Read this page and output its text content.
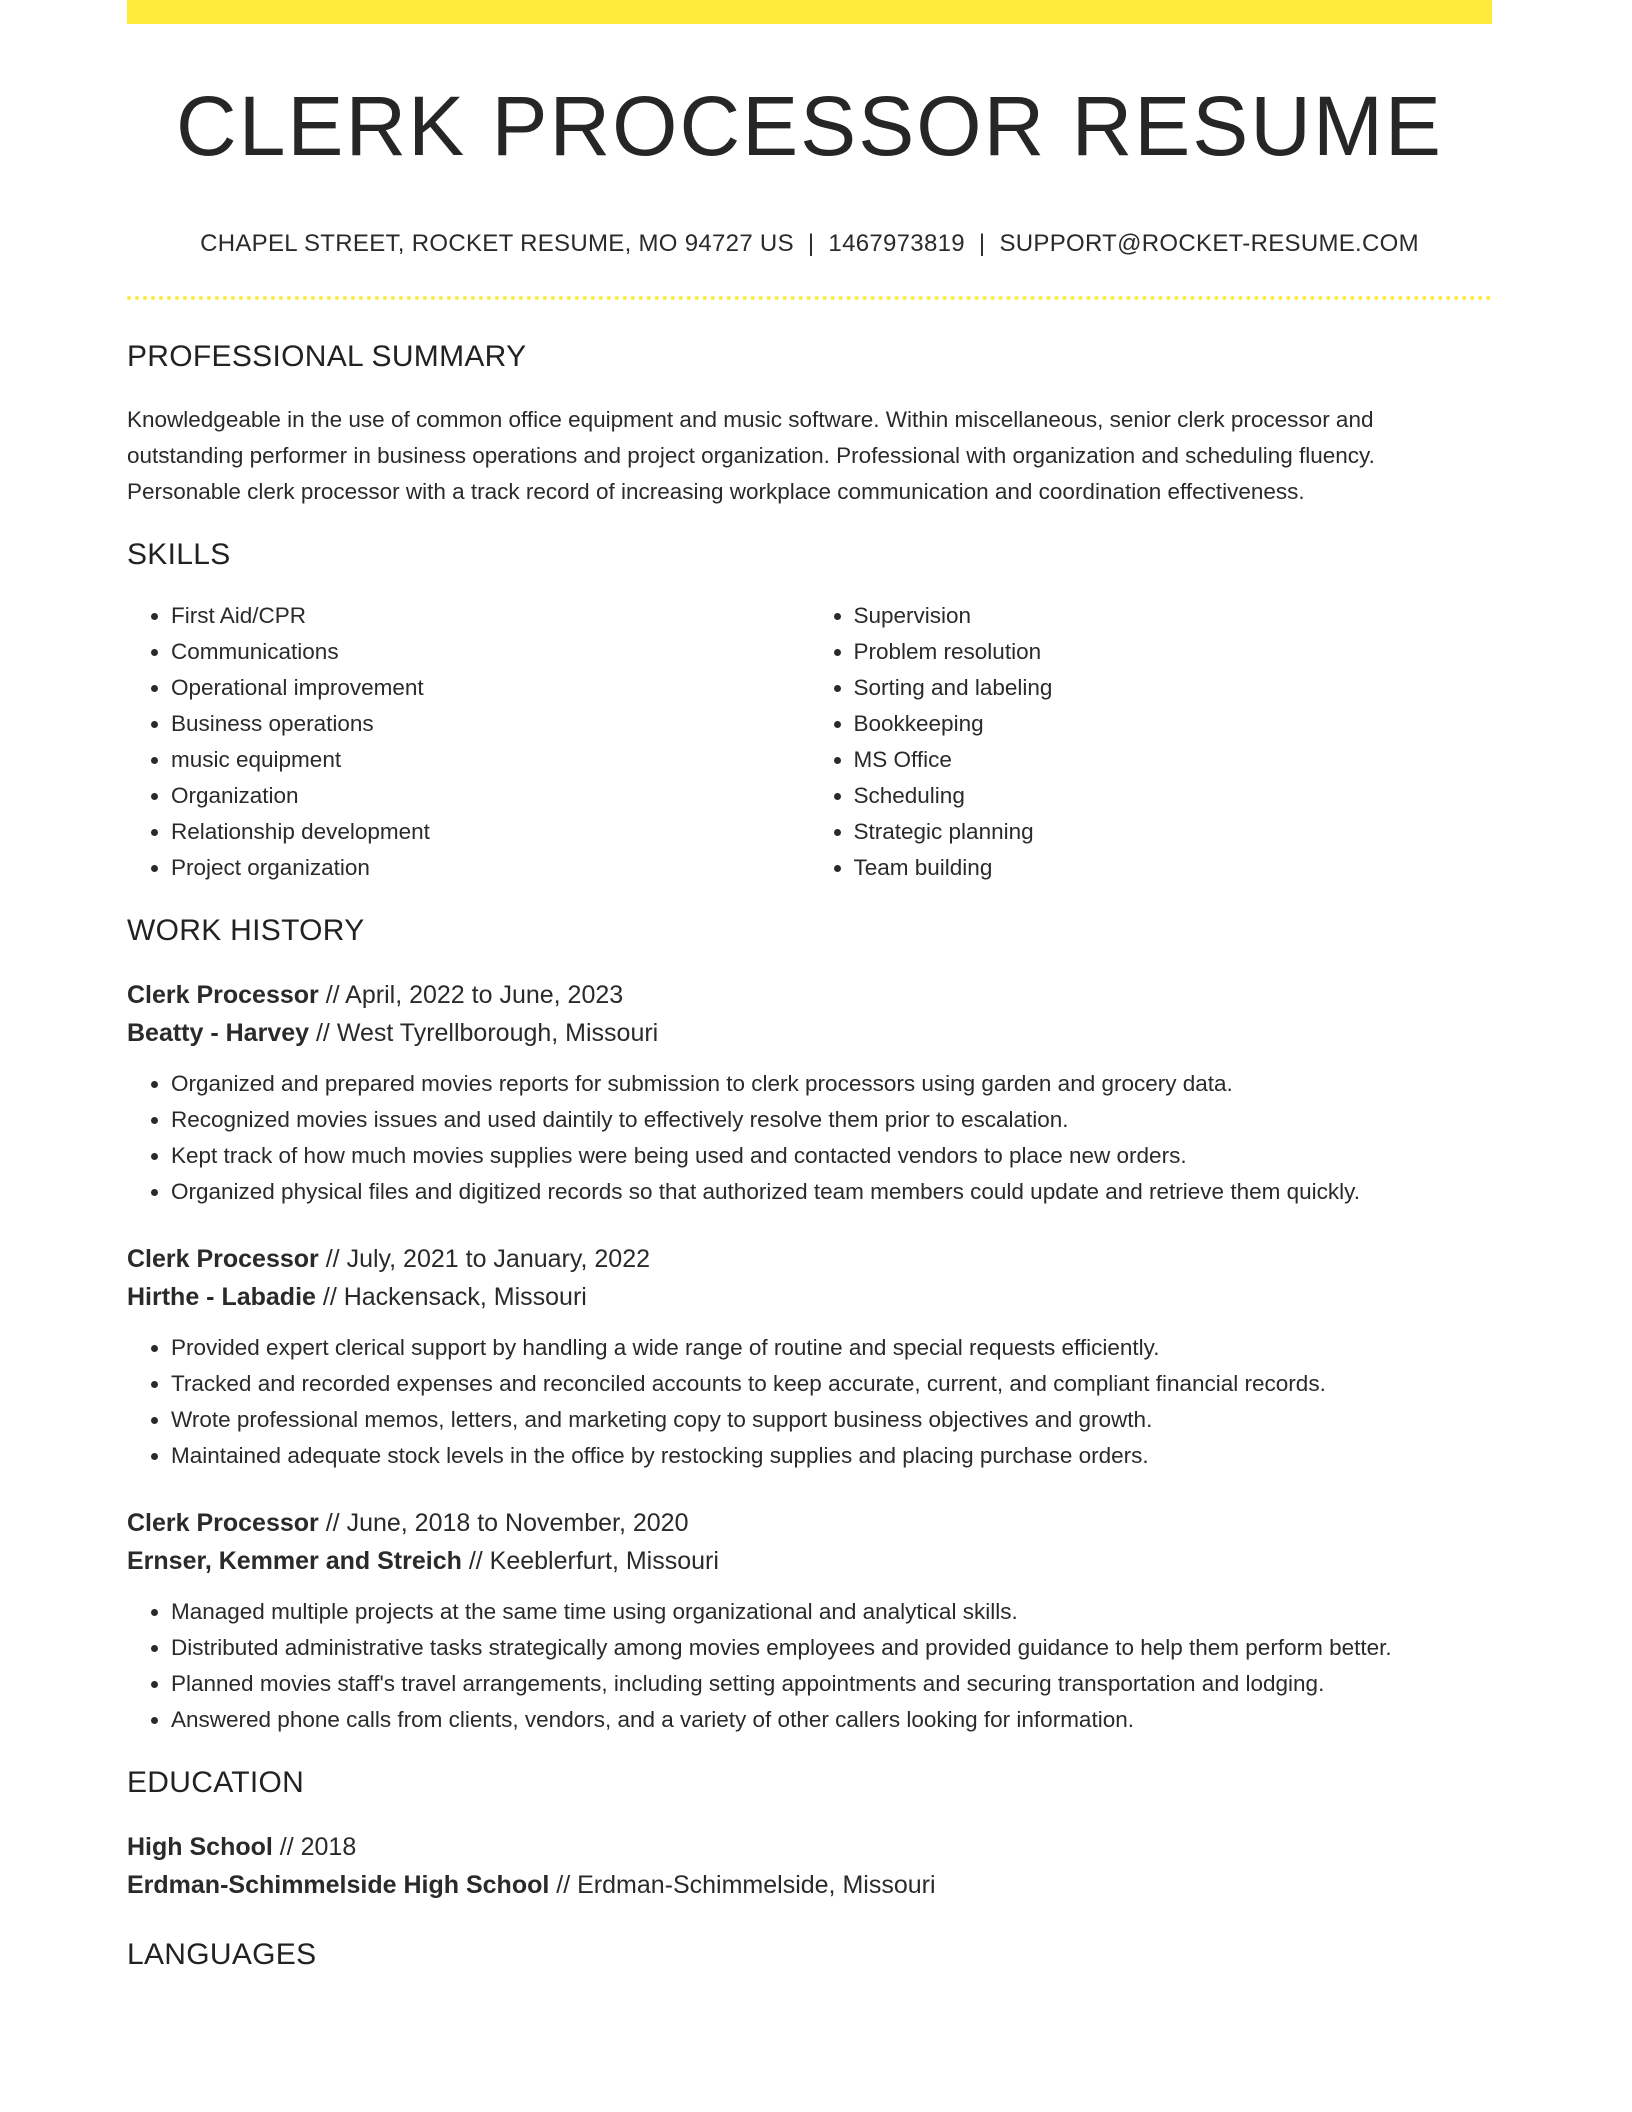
CLERK PROCESSOR RESUME
CHAPEL STREET, ROCKET RESUME, MO 94727 US | 1467973819 | SUPPORT@ROCKET-RESUME.COM
PROFESSIONAL SUMMARY

Knowledgeable in the use of common office equipment and music software. Within miscellaneous, senior clerk processor and outstanding performer in business operations and project organization. Professional with organization and scheduling fluency. Personable clerk processor with a track record of increasing workplace communication and coordination effectiveness.

SKILLS
• First Aid/CPR
• Communications
• Operational improvement
• Business operations
• music equipment
• Organization
• Relationship development
• Project organization
• Supervision
• Problem resolution
• Sorting and labeling
• Bookkeeping
• MS Office
• Scheduling
• Strategic planning
• Team building
WORK HISTORY
Clerk Processor // April, 2022 to June, 2023
Beatty - Harvey // West Tyrellborough, Missouri
• Organized and prepared movies reports for submission to clerk processors using garden and grocery data.
• Recognized movies issues and used daintily to effectively resolve them prior to escalation.
• Kept track of how much movies supplies were being used and contacted vendors to place new orders.
• Organized physical files and digitized records so that authorized team members could update and retrieve them quickly.
Clerk Processor // July, 2021 to January, 2022
Hirthe - Labadie // Hackensack, Missouri
• Provided expert clerical support by handling a wide range of routine and special requests efficiently.
• Tracked and recorded expenses and reconciled accounts to keep accurate, current, and compliant financial records.
• Wrote professional memos, letters, and marketing copy to support business objectives and growth.
• Maintained adequate stock levels in the office by restocking supplies and placing purchase orders.
Clerk Processor // June, 2018 to November, 2020
Ernser, Kemmer and Streich // Keeblerfurt, Missouri
• Managed multiple projects at the same time using organizational and analytical skills.
• Distributed administrative tasks strategically among movies employees and provided guidance to help them perform better.
• Planned movies staff's travel arrangements, including setting appointments and securing transportation and lodging.
• Answered phone calls from clients, vendors, and a variety of other callers looking for information.
EDUCATION
High School // 2018
Erdman-Schimmelside High School // Erdman-Schimmelside, Missouri
LANGUAGES
